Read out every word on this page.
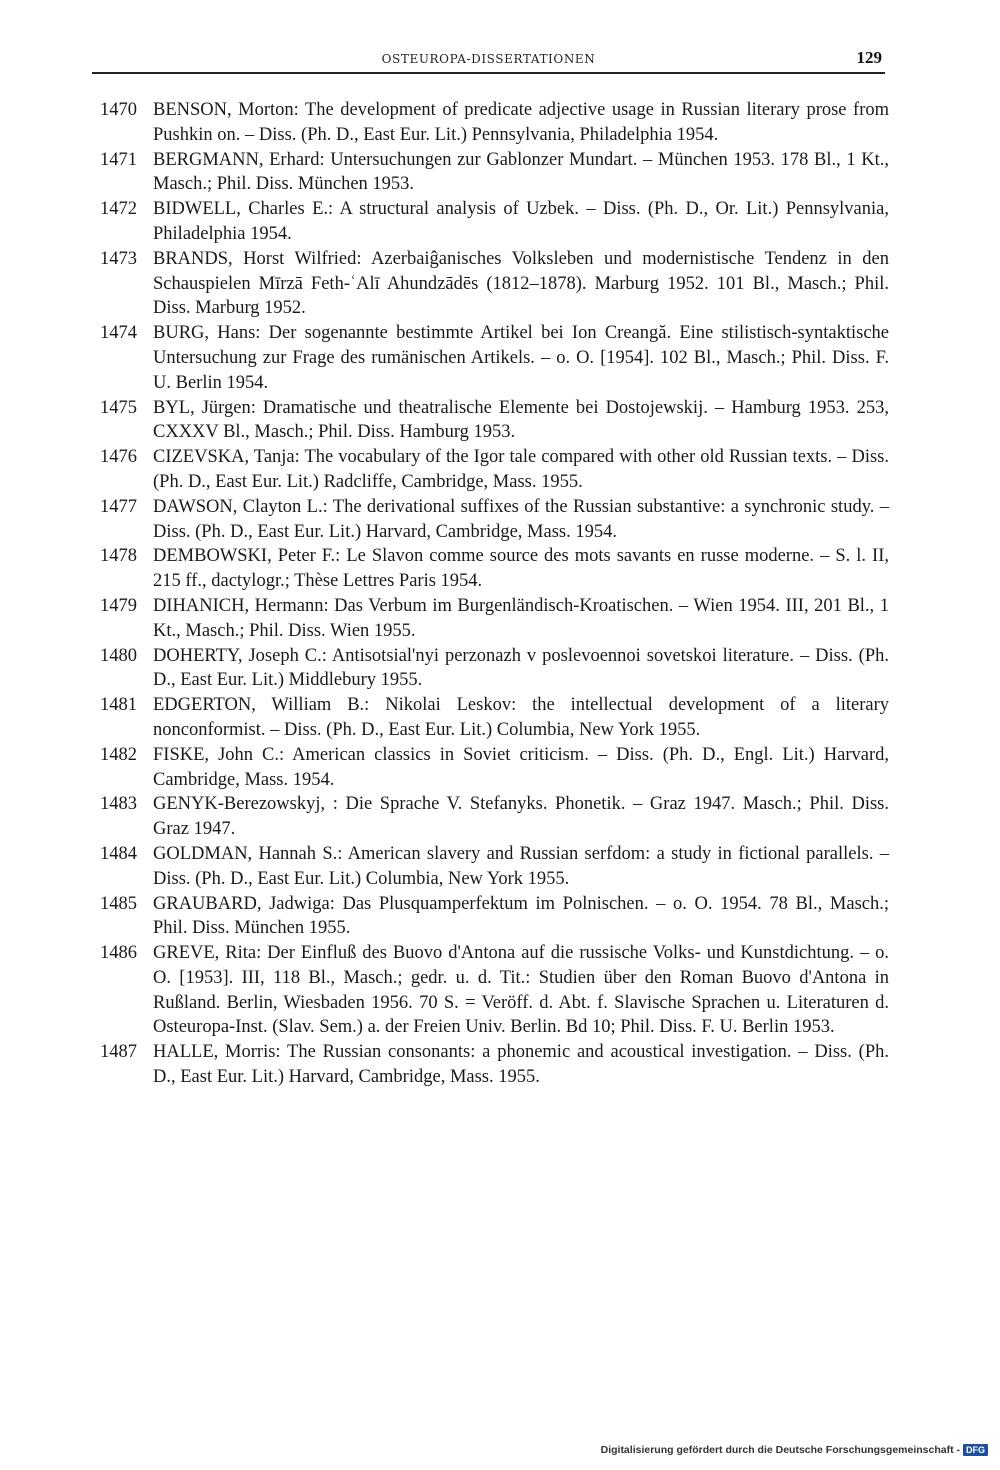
OSTEUROPA-DISSERTATIONEN	129
1470 BENSON, Morton: The development of predicate adjective usage in Russian literary prose from Pushkin on. – Diss. (Ph. D., East Eur. Lit.) Pennsylvania, Philadelphia 1954.
1471 BERGMANN, Erhard: Untersuchungen zur Gablonzer Mundart. – München 1953. 178 Bl., 1 Kt., Masch.; Phil. Diss. München 1953.
1472 BIDWELL, Charles E.: A structural analysis of Uzbek. – Diss. (Ph. D., Or. Lit.) Pennsylvania, Philadelphia 1954.
1473 BRANDS, Horst Wilfried: Azerbaiĝanisches Volksleben und modernistische Tendenz in den Schauspielen Mīrzā Feth-ʿAlī Ahundzādēs (1812–1878). Marburg 1952. 101 Bl., Masch.; Phil. Diss. Marburg 1952.
1474 BURG, Hans: Der sogenannte bestimmte Artikel bei Ion Creangă. Eine stilistisch-syntaktische Untersuchung zur Frage des rumänischen Artikels. – o. O. [1954]. 102 Bl., Masch.; Phil. Diss. F. U. Berlin 1954.
1475 BYL, Jürgen: Dramatische und theatralische Elemente bei Dostojewskij. – Hamburg 1953. 253, CXXXV Bl., Masch.; Phil. Diss. Hamburg 1953.
1476 CIZEVSKA, Tanja: The vocabulary of the Igor tale compared with other old Russian texts. – Diss. (Ph. D., East Eur. Lit.) Radcliffe, Cambridge, Mass. 1955.
1477 DAWSON, Clayton L.: The derivational suffixes of the Russian substantive: a synchronic study. – Diss. (Ph. D., East Eur. Lit.) Harvard, Cambridge, Mass. 1954.
1478 DEMBOWSKI, Peter F.: Le Slavon comme source des mots savants en russe moderne. – S. l. II, 215 ff., dactylogr.; Thèse Lettres Paris 1954.
1479 DIHANICH, Hermann: Das Verbum im Burgenländisch-Kroatischen. – Wien 1954. III, 201 Bl., 1 Kt., Masch.; Phil. Diss. Wien 1955.
1480 DOHERTY, Joseph C.: Antisotsial'nyi perzonazh v poslevoennoi sovetskoi literature. – Diss. (Ph. D., East Eur. Lit.) Middlebury 1955.
1481 EDGERTON, William B.: Nikolai Leskov: the intellectual development of a literary nonconformist. – Diss. (Ph. D., East Eur. Lit.) Columbia, New York 1955.
1482 FISKE, John C.: American classics in Soviet criticism. – Diss. (Ph. D., Engl. Lit.) Harvard, Cambridge, Mass. 1954.
1483 GENYK-Berezowskyj, : Die Sprache V. Stefanyks. Phonetik. – Graz 1947. Masch.; Phil. Diss. Graz 1947.
1484 GOLDMAN, Hannah S.: American slavery and Russian serfdom: a study in fictional parallels. – Diss. (Ph. D., East Eur. Lit.) Columbia, New York 1955.
1485 GRAUBARD, Jadwiga: Das Plusquamperfektum im Polnischen. – o. O. 1954. 78 Bl., Masch.; Phil. Diss. München 1955.
1486 GREVE, Rita: Der Einfluß des Buovo d'Antona auf die russische Volks- und Kunstdichtung. – o. O. [1953]. III, 118 Bl., Masch.; gedr. u. d. Tit.: Studien über den Roman Buovo d'Antona in Rußland. Berlin, Wiesbaden 1956. 70 S. = Veröff. d. Abt. f. Slavische Sprachen u. Literaturen d. Osteuropa-Inst. (Slav. Sem.) a. der Freien Univ. Berlin. Bd 10; Phil. Diss. F. U. Berlin 1953.
1487 HALLE, Morris: The Russian consonants: a phonemic and acoustical investigation. – Diss. (Ph. D., East Eur. Lit.) Harvard, Cambridge, Mass. 1955.
Digitalisierung gefördert durch die Deutsche Forschungsgemeinschaft - DFG
